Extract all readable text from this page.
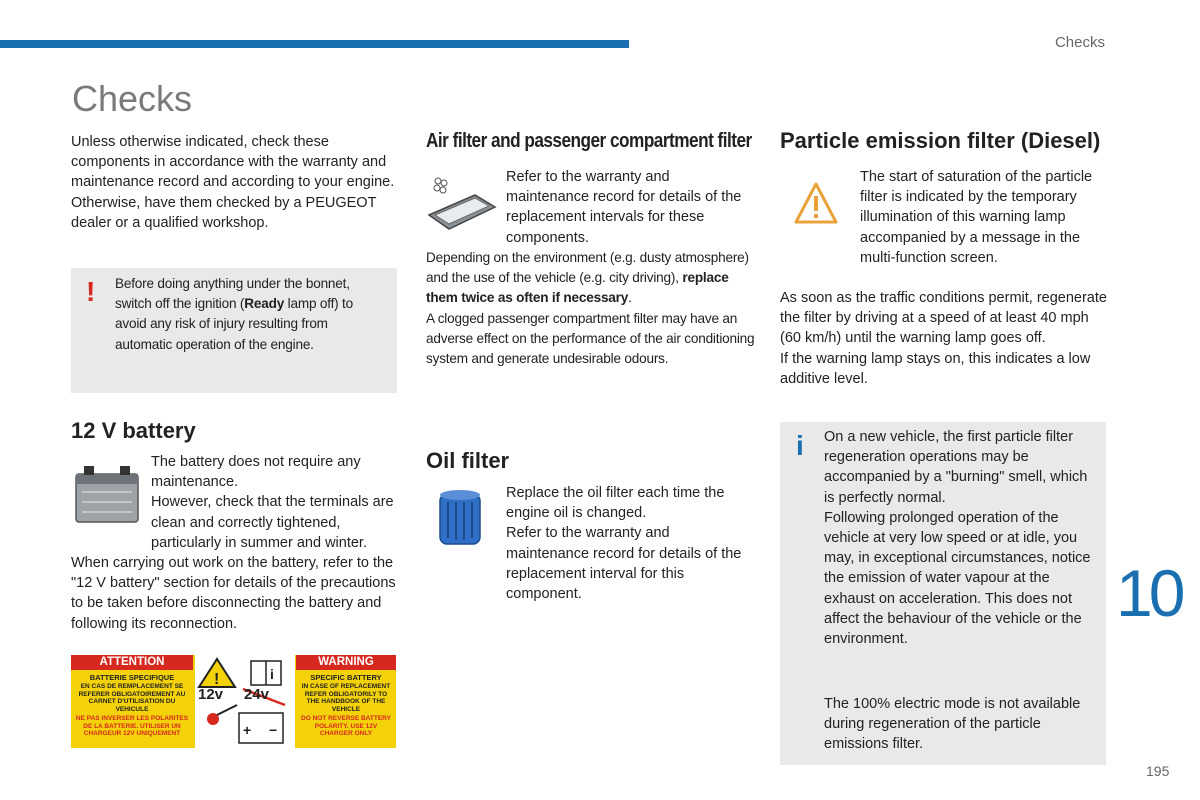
Checks
Checks

Unless otherwise indicated, check these components in accordance with the warranty and maintenance record and according to your engine.

Otherwise, have them checked by a PEUGEOT dealer or a qualified workshop.

! Before doing anything under the bonnet, switch off the ignition (Ready lamp off) to avoid any risk of injury resulting from automatic operation of the engine.

12 V battery

The battery does not require any maintenance.

However, check that the terminals are clean and correctly tightened, particularly in summer and winter.

When carrying out work on the battery, refer to the "12 V battery" section for details of the precautions to be taken before disconnecting the battery and following its reconnection.

ATTENTION	WARNING
BATTERIE SPECIFIQUE
EN CAS DE REMPLACEMENT SE REFERER OBLIGATOIREMENT AU CARNET D'UTILISATION DU VEHICULE
NE PAS INVERSER LES POLARITES DE LA BATTERIE. UTILISER UN CHARGEUR 12V UNIQUEMENT
SPECIFIC BATTERY
IN CASE OF REPLACEMENT REFER OBLIGATORILY TO THE HANDBOOK OF THE VEHICLE
DO NOT REVERSE BATTERY POLARITY. USE 12V CHARGER ONLY
!	i
+ −
12v 24v
Air filter and passenger compartment filter

Refer to the warranty and maintenance record for details of the replacement intervals for these components.

Depending on the environment (e.g. dusty atmosphere) and the use of the vehicle (e.g. city driving), replace them twice as often if necessary.

A clogged passenger compartment filter may have an adverse effect on the performance of the air conditioning system and generate undesirable odours.

Oil filter

Replace the oil filter each time the engine oil is changed.

Refer to the warranty and maintenance record for details of the replacement interval for this component.

Particle emission filter (Diesel)

The start of saturation of the particle filter is indicated by the temporary illumination of this warning lamp accompanied by a message in the multi-function screen.

As soon as the traffic conditions permit, regenerate the filter by driving at a speed of at least 40 mph (60 km/h) until the warning lamp goes off.

If the warning lamp stays on, this indicates a low additive level.

i On a new vehicle, the first particle filter regeneration operations may be accompanied by a "burning" smell, which is perfectly normal.

Following prolonged operation of the vehicle at very low speed or at idle, you may, in exceptional circumstances, notice the emission of water vapour at the exhaust on acceleration. This does not affect the behaviour of the vehicle or the environment.

The 100% electric mode is not available during regeneration of the particle emissions filter.

10
195
